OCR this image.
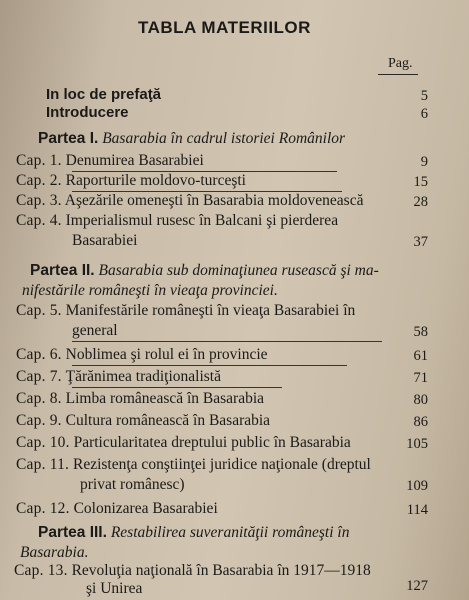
TABLA MATERIILOR
Pag.
In loc de prefaţă	5
Introducere	6
Partea I. Basarabia în cadrul istoriei Românilor
Cap. 1. Denumirea Basarabiei	9
Cap. 2. Raporturile moldovo-turceşti	15
Cap. 3. Aşezările omeneşti în Basarabia moldovenească	28
Cap. 4. Imperialismul rusesc în Balcani şi pierderea
Basarabiei	37
Partea II. Basarabia sub dominaţiunea rusească şi ma-
nifestările româneşti în vieaţa provinciei.
Cap. 5. Manifestările româneşti în vieaţa Basarabiei în
general	58
Cap. 6. Noblimea şi rolul ei în provincie	61
Cap. 7. Ţărănimea tradiţionalistă	71
Cap. 8. Limba românească în Basarabia	80
Cap. 9. Cultura românească în Basarabia	86
Cap. 10. Particularitatea dreptului public în Basarabia	105
Cap. 11. Rezistenţa conştiinţei juridice naţionale (dreptul
privat românesc)	109
Cap. 12. Colonizarea Basarabiei	114
Partea III. Restabilirea suveranităţii româneşti în
Basarabia.
Cap. 13. Revoluţia naţională în Basarabia în 1917—1918
şi Unirea	127
